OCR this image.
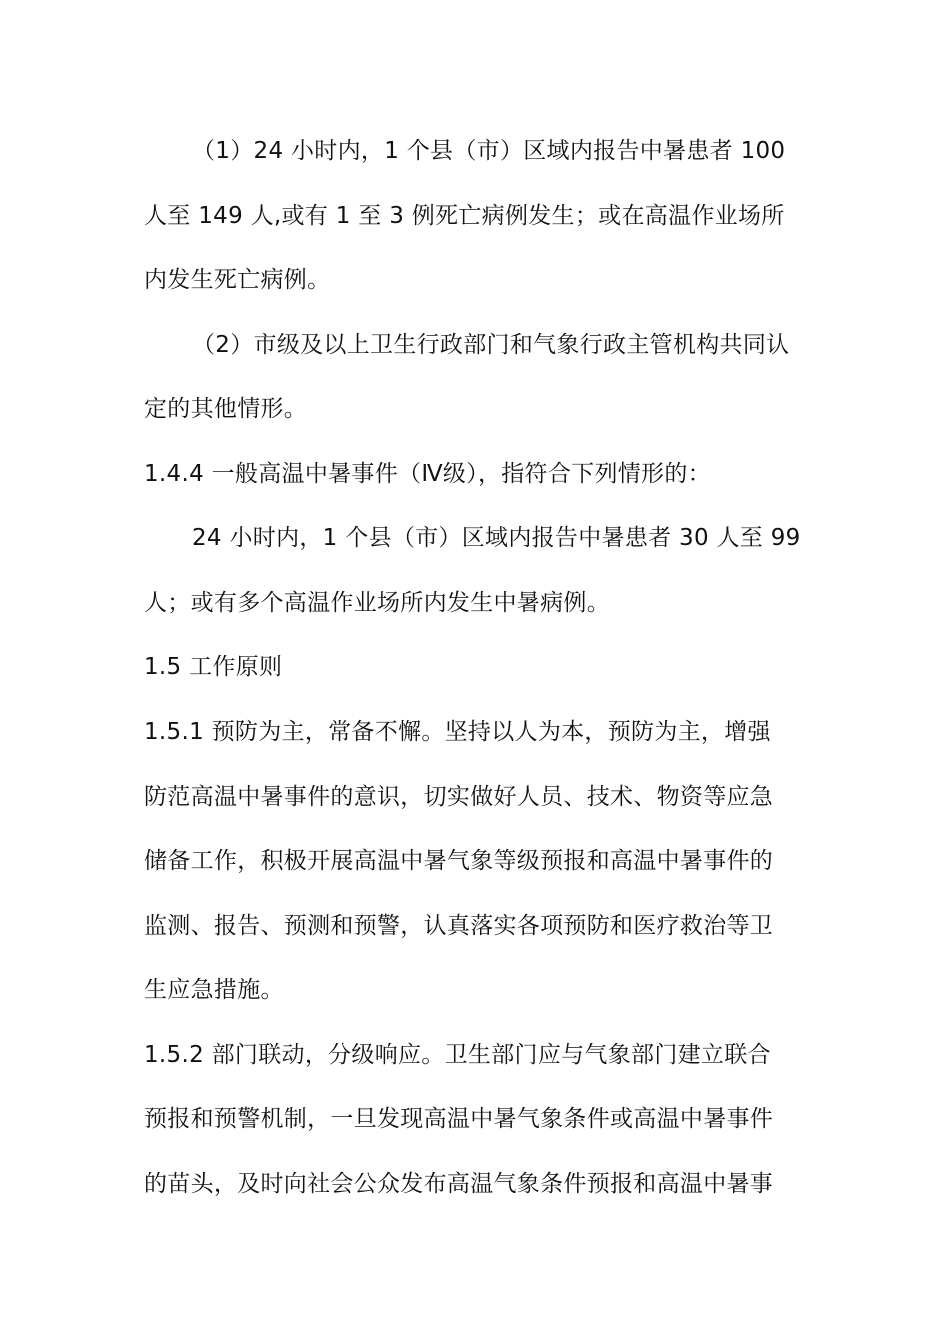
（1）24 小时内，1 个县（市）区域内报告中暑患者 100
人至 149 人,或有 1 至 3 例死亡病例发生；或在高温作业场所
内发生死亡病例。
（2）市级及以上卫生行政部门和气象行政主管机构共同认
定的其他情形。
1.4.4 一般高温中暑事件（Ⅳ级），指符合下列情形的：
24 小时内，1 个县（市）区域内报告中暑患者 30 人至 99
人；或有多个高温作业场所内发生中暑病例。
1.5 工作原则
1.5.1 预防为主，常备不懈。坚持以人为本，预防为主，增强
防范高温中暑事件的意识，切实做好人员、技术、物资等应急
储备工作，积极开展高温中暑气象等级预报和高温中暑事件的
监测、报告、预测和预警，认真落实各项预防和医疗救治等卫
生应急措施。
1.5.2 部门联动，分级响应。卫生部门应与气象部门建立联合
预报和预警机制，一旦发现高温中暑气象条件或高温中暑事件
的苗头，及时向社会公众发布高温气象条件预报和高温中暑事
